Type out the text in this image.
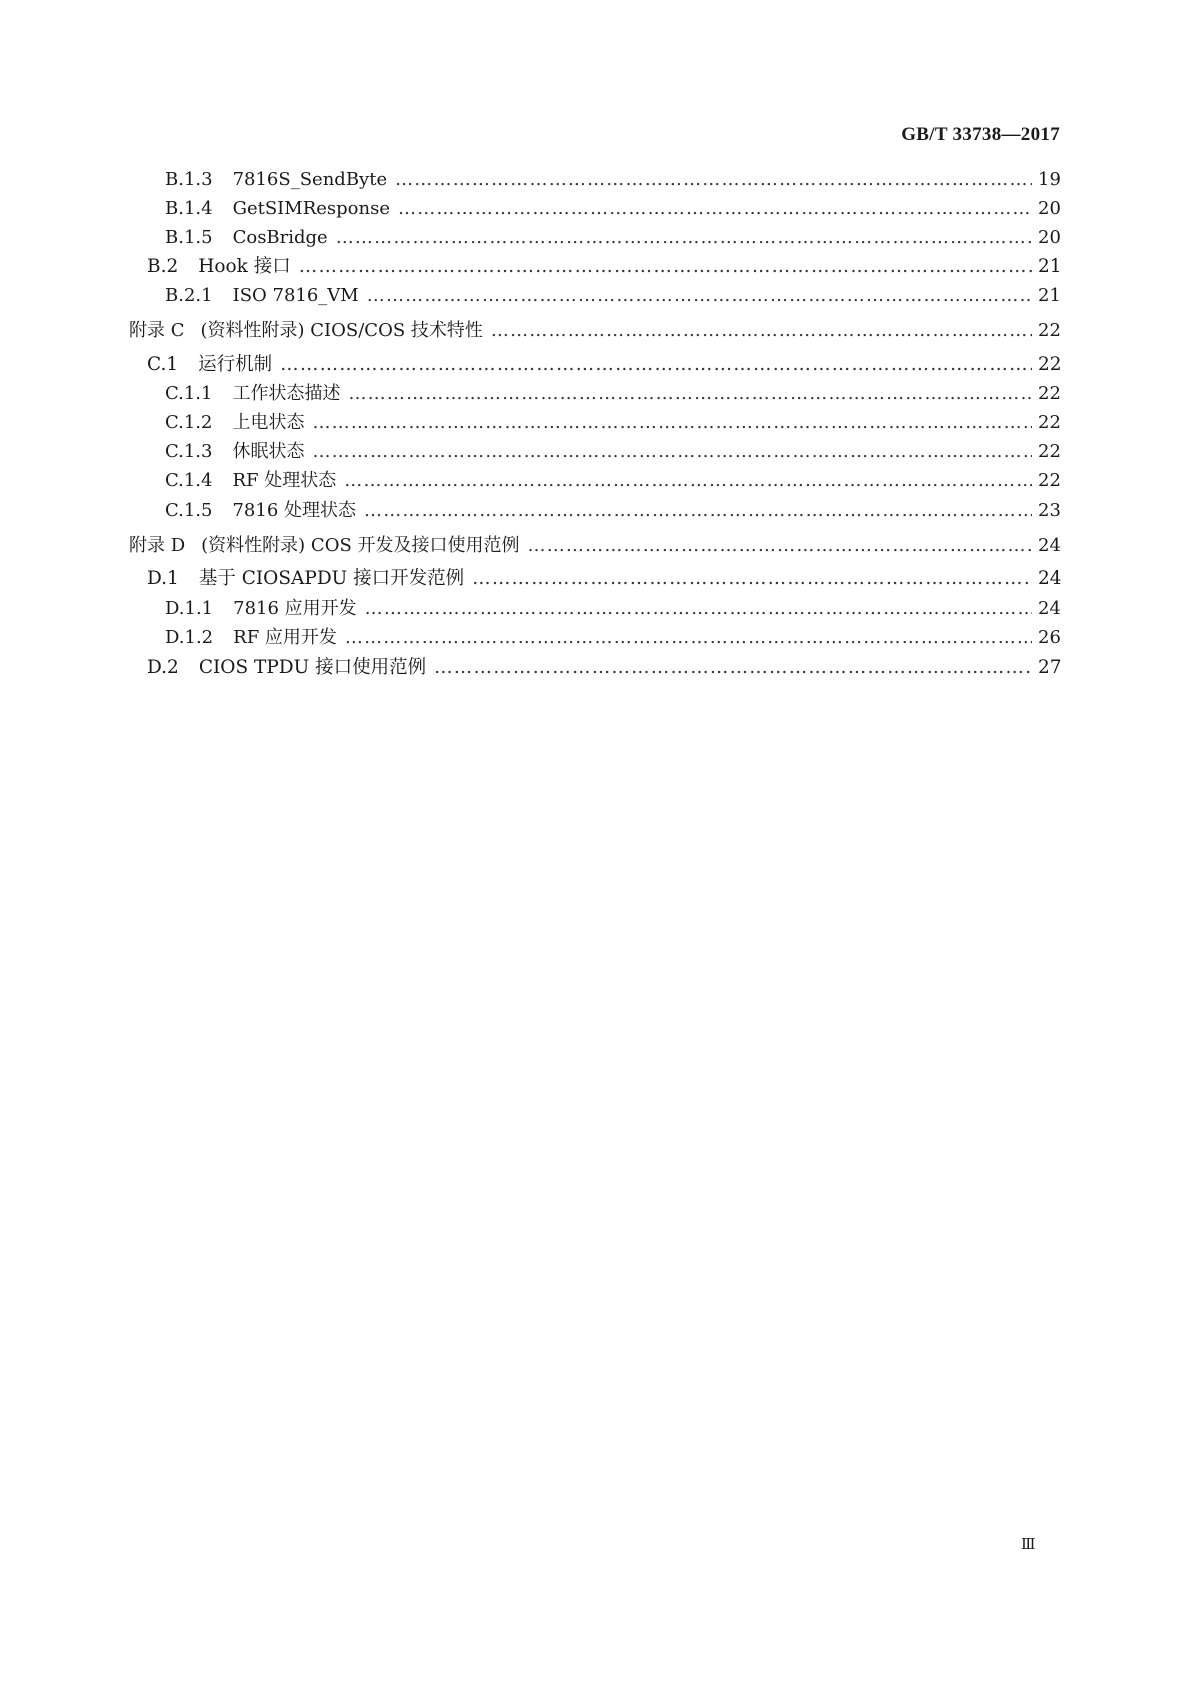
GB/T 33738—2017
B.1.3	7816S_SendByte …………………………………………………………………………………………………………………………………………………………………………………………………………………………………………	19
B.1.4	GetSIMResponse …………………………………………………………………………………………………………………………………………………………………………………………………………………………………………	20
B.1.5	CosBridge …………………………………………………………………………………………………………………………………………………………………………………………………………………………………………	20
B.2	Hook 接口 …………………………………………………………………………………………………………………………………………………………………………………………………………………………………………	21
B.2.1	ISO 7816_VM …………………………………………………………………………………………………………………………………………………………………………………………………………………………………………	21
附录 C (资料性附录) CIOS/COS 技术特性 …………………………………………………………………………………………………………………………………………………………………………………………………………………………………………	22
C.1	运行机制 …………………………………………………………………………………………………………………………………………………………………………………………………………………………………………	22
C.1.1	工作状态描述 …………………………………………………………………………………………………………………………………………………………………………………………………………………………………………	22
C.1.2	上电状态 …………………………………………………………………………………………………………………………………………………………………………………………………………………………………………	22
C.1.3	休眠状态 …………………………………………………………………………………………………………………………………………………………………………………………………………………………………………	22
C.1.4	RF 处理状态 …………………………………………………………………………………………………………………………………………………………………………………………………………………………………………	22
C.1.5	7816 处理状态 …………………………………………………………………………………………………………………………………………………………………………………………………………………………………………	23
附录 D (资料性附录) COS 开发及接口使用范例 …………………………………………………………………………………………………………………………………………………………………………………………………………………………………………	24
D.1	基于 CIOSAPDU 接口开发范例 …………………………………………………………………………………………………………………………………………………………………………………………………………………………………………	24
D.1.1	7816 应用开发 …………………………………………………………………………………………………………………………………………………………………………………………………………………………………………	24
D.1.2	RF 应用开发 …………………………………………………………………………………………………………………………………………………………………………………………………………………………………………	26
D.2	CIOS TPDU 接口使用范例 …………………………………………………………………………………………………………………………………………………………………………………………………………………………………………	27
Ⅲ
